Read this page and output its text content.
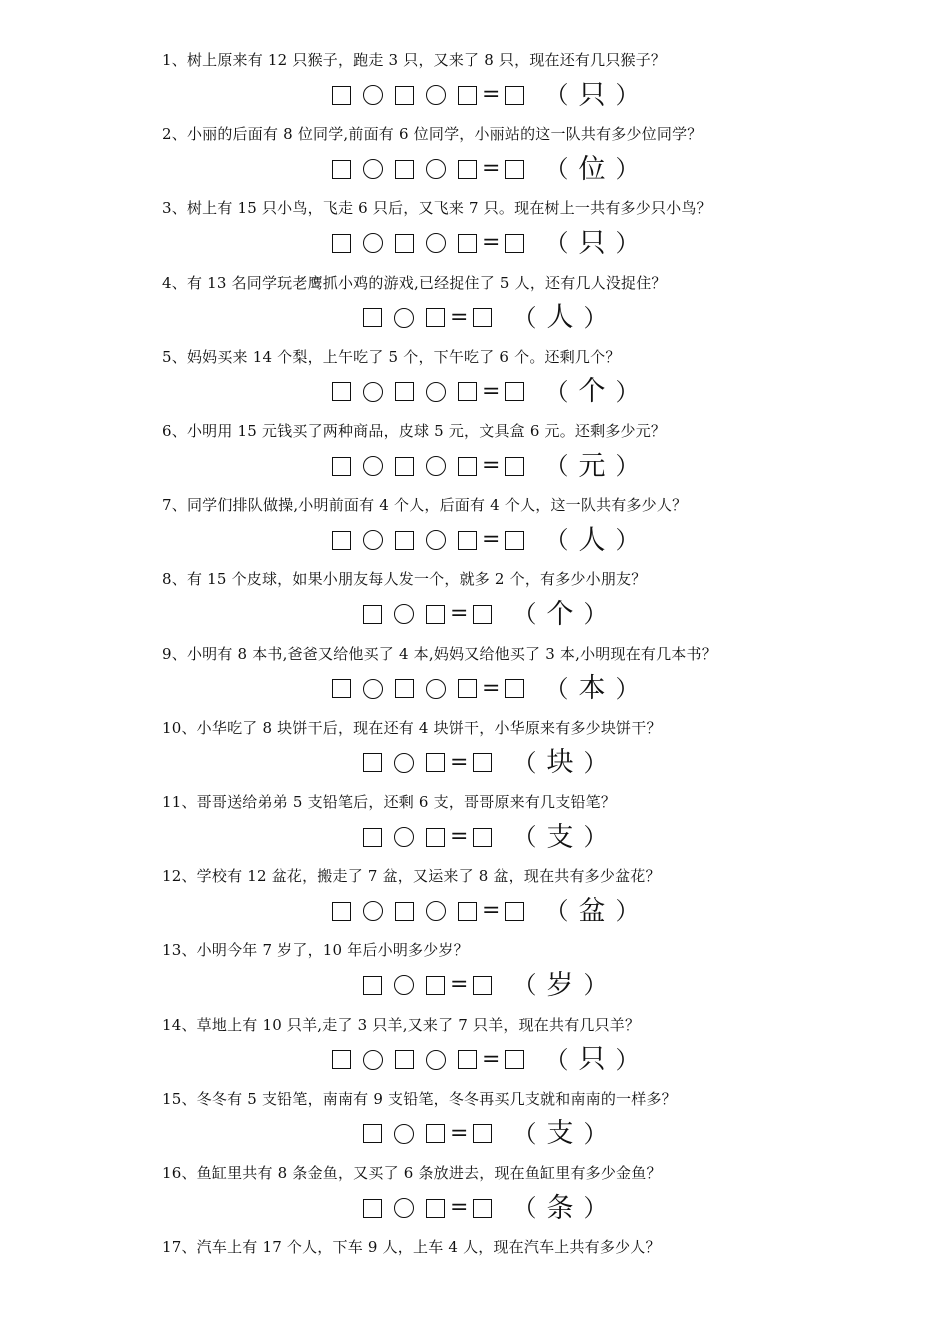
1、树上原来有 12 只猴子，跑走 3 只，又来了 8 只，现在还有几只猴子？
= （ 只 ）
2、小丽的后面有 8 位同学,前面有 6 位同学，小丽站的这一队共有多少位同学？
= （ 位 ）
3、树上有 15 只小鸟，飞走 6 只后，又飞来 7 只。现在树上一共有多少只小鸟？
= （ 只 ）
4、有 13 名同学玩老鹰抓小鸡的游戏,已经捉住了 5 人，还有几人没捉住？
= （ 人 ）
5、妈妈买来 14 个梨，上午吃了 5 个，下午吃了 6 个。还剩几个？
= （ 个 ）
6、小明用 15 元钱买了两种商品，皮球 5 元，文具盒 6 元。还剩多少元？
= （ 元 ）
7、同学们排队做操,小明前面有 4 个人，后面有 4 个人，这一队共有多少人？
= （ 人 ）
8、有 15 个皮球，如果小朋友每人发一个，就多 2 个，有多少小朋友？
= （ 个 ）
9、小明有 8 本书,爸爸又给他买了 4 本,妈妈又给他买了 3 本,小明现在有几本书？
= （ 本 ）
10、小华吃了 8 块饼干后，现在还有 4 块饼干，小华原来有多少块饼干？
= （ 块 ）
11、哥哥送给弟弟 5 支铅笔后，还剩 6 支，哥哥原来有几支铅笔？
= （ 支 ）
12、学校有 12 盆花，搬走了 7 盆，又运来了 8 盆，现在共有多少盆花？
= （ 盆 ）
13、小明今年 7 岁了，10 年后小明多少岁？
= （ 岁 ）
14、草地上有 10 只羊,走了 3 只羊,又来了 7 只羊，现在共有几只羊？
= （ 只 ）
15、冬冬有 5 支铅笔，南南有 9 支铅笔，冬冬再买几支就和南南的一样多？
= （ 支 ）
16、鱼缸里共有 8 条金鱼，又买了 6 条放进去，现在鱼缸里有多少金鱼？
= （ 条 ）
17、汽车上有 17 个人，下车 9 人，上车 4 人，现在汽车上共有多少人？
